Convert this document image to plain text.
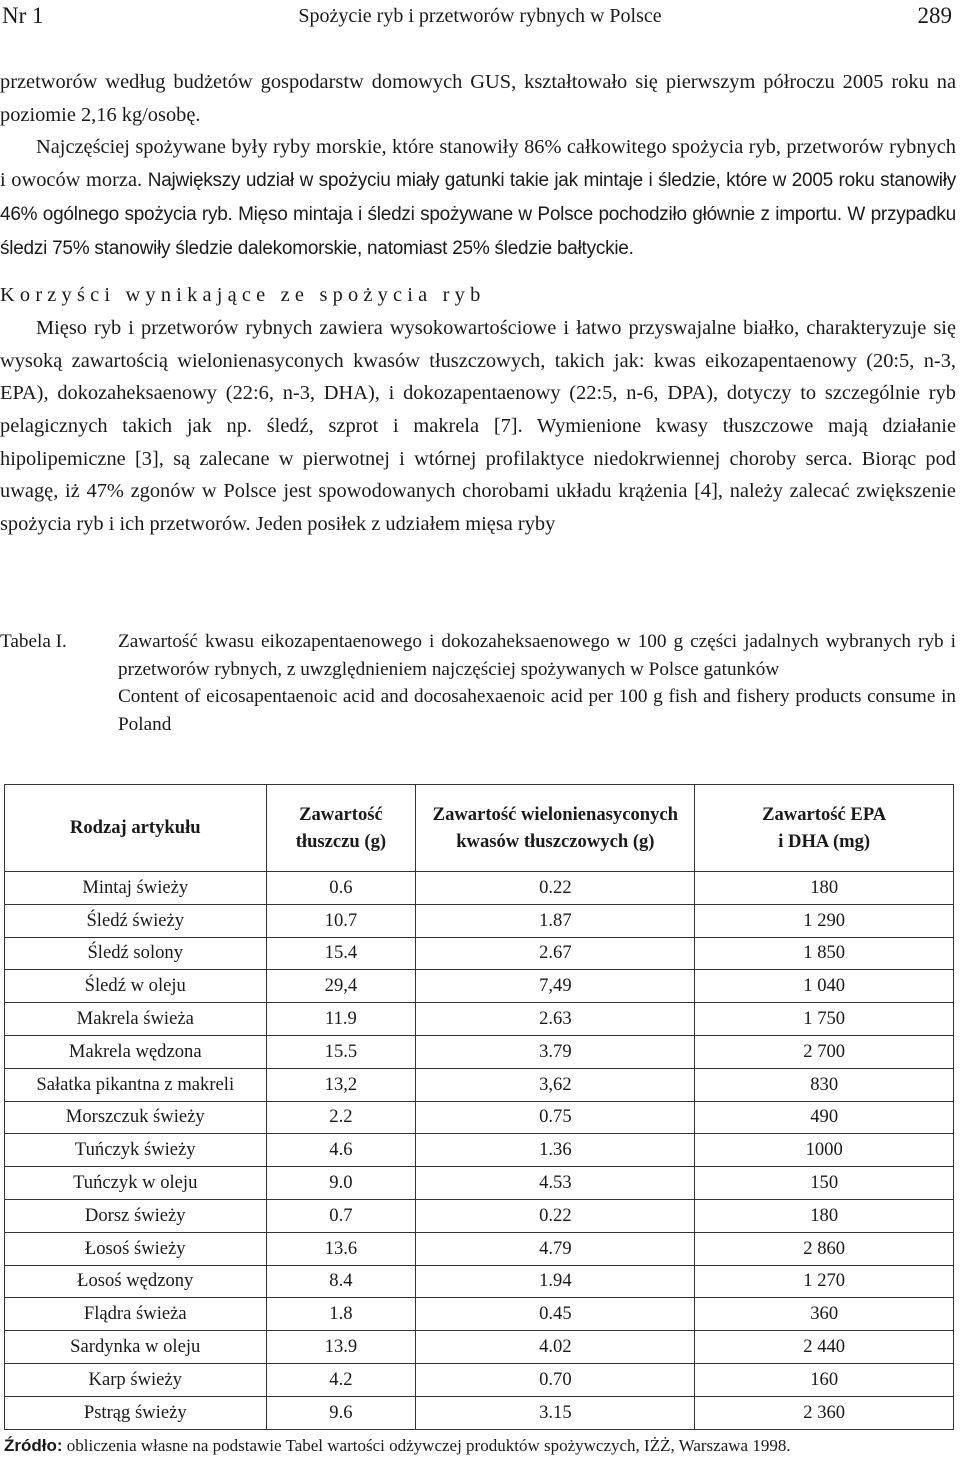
Nr 1	Spożycie ryb i przetworów rybnych w Polsce	289

przetworów według budżetów gospodarstw domowych GUS, kształtowało się pierwszym półroczu 2005 roku na poziomie 2,16 kg/osobę.

Najczęściej spożywane były ryby morskie, które stanowiły 86% całkowitego spożycia ryb, przetworów rybnych i owoców morza. Największy udział w spożyciu miały gatunki takie jak mintaje i śledzie, które w 2005 roku stanowiły 46% ogólnego spożycia ryb. Mięso mintaja i śledzi spożywane w Polsce pochodziło głównie z importu. W przypadku śledzi 75% stanowiły śledzie dalekomorskie, natomiast 25% śledzie bałtyckie.

Korzyści wynikające ze spożycia ryb

Mięso ryb i przetworów rybnych zawiera wysokowartościowe i łatwo przyswajalne białko, charakteryzuje się wysoką zawartością wielonienasyconych kwasów tłuszczowych, takich jak: kwas eikozapentaenowy (20:5, n-3, EPA), dokozaheksaenowy (22:6, n-3, DHA), i dokozapentaenowy (22:5, n-6, DPA), dotyczy to szczególnie ryb pelagicznych takich jak np. śledź, szprot i makrela [7]. Wymienione kwasy tłuszczowe mają działanie hipolipemiczne [3], są zalecane w pierwotnej i wtórnej profilaktyce niedokrwiennej choroby serca. Biorąc pod uwagę, iż 47% zgonów w Polsce jest spowodowanych chorobami układu krążenia [4], należy zalecać zwiększenie spożycia ryb i ich przetworów. Jeden posiłek z udziałem mięsa ryby

Tabela I.	Zawartość kwasu eikozapentaenowego i dokozaheksaenowego w 100 g części jadalnych wybranych ryb i przetworów rybnych, z uwzględnieniem najczęściej spożywanych w Polsce gatunków

Content of eicosapentaenoic acid and docosahexaenoic acid per 100 g fish and fishery products consume in Poland

Rodzaj artykułu	Zawartość tłuszczu (g)	Zawartość wielonienasyconych kwasów tłuszczowych (g)	Zawartość EPA i DHA (mg)
Mintaj świeży	0.6	0.22	180
Śledź świeży	10.7	1.87	1 290
Śledź solony	15.4	2.67	1 850
Śledź w oleju	29,4	7,49	1 040
Makrela świeża	11.9	2.63	1 750
Makrela wędzona	15.5	3.79	2 700
Sałatka pikantna z makreli	13,2	3,62	830
Morszczuk świeży	2.2	0.75	490
Tuńczyk świeży	4.6	1.36	1000
Tuńczyk w oleju	9.0	4.53	150
Dorsz świeży	0.7	0.22	180
Łosoś świeży	13.6	4.79	2 860
Łosoś wędzony	8.4	1.94	1 270
Flądra świeża	1.8	0.45	360
Sardynka w oleju	13.9	4.02	2 440
Karp świeży	4.2	0.70	160
Pstrąg świeży	9.6	3.15	2 360
Źródło: obliczenia własne na podstawie Tabel wartości odżywczej produktów spożywczych, IŻŻ, Warszawa 1998.
